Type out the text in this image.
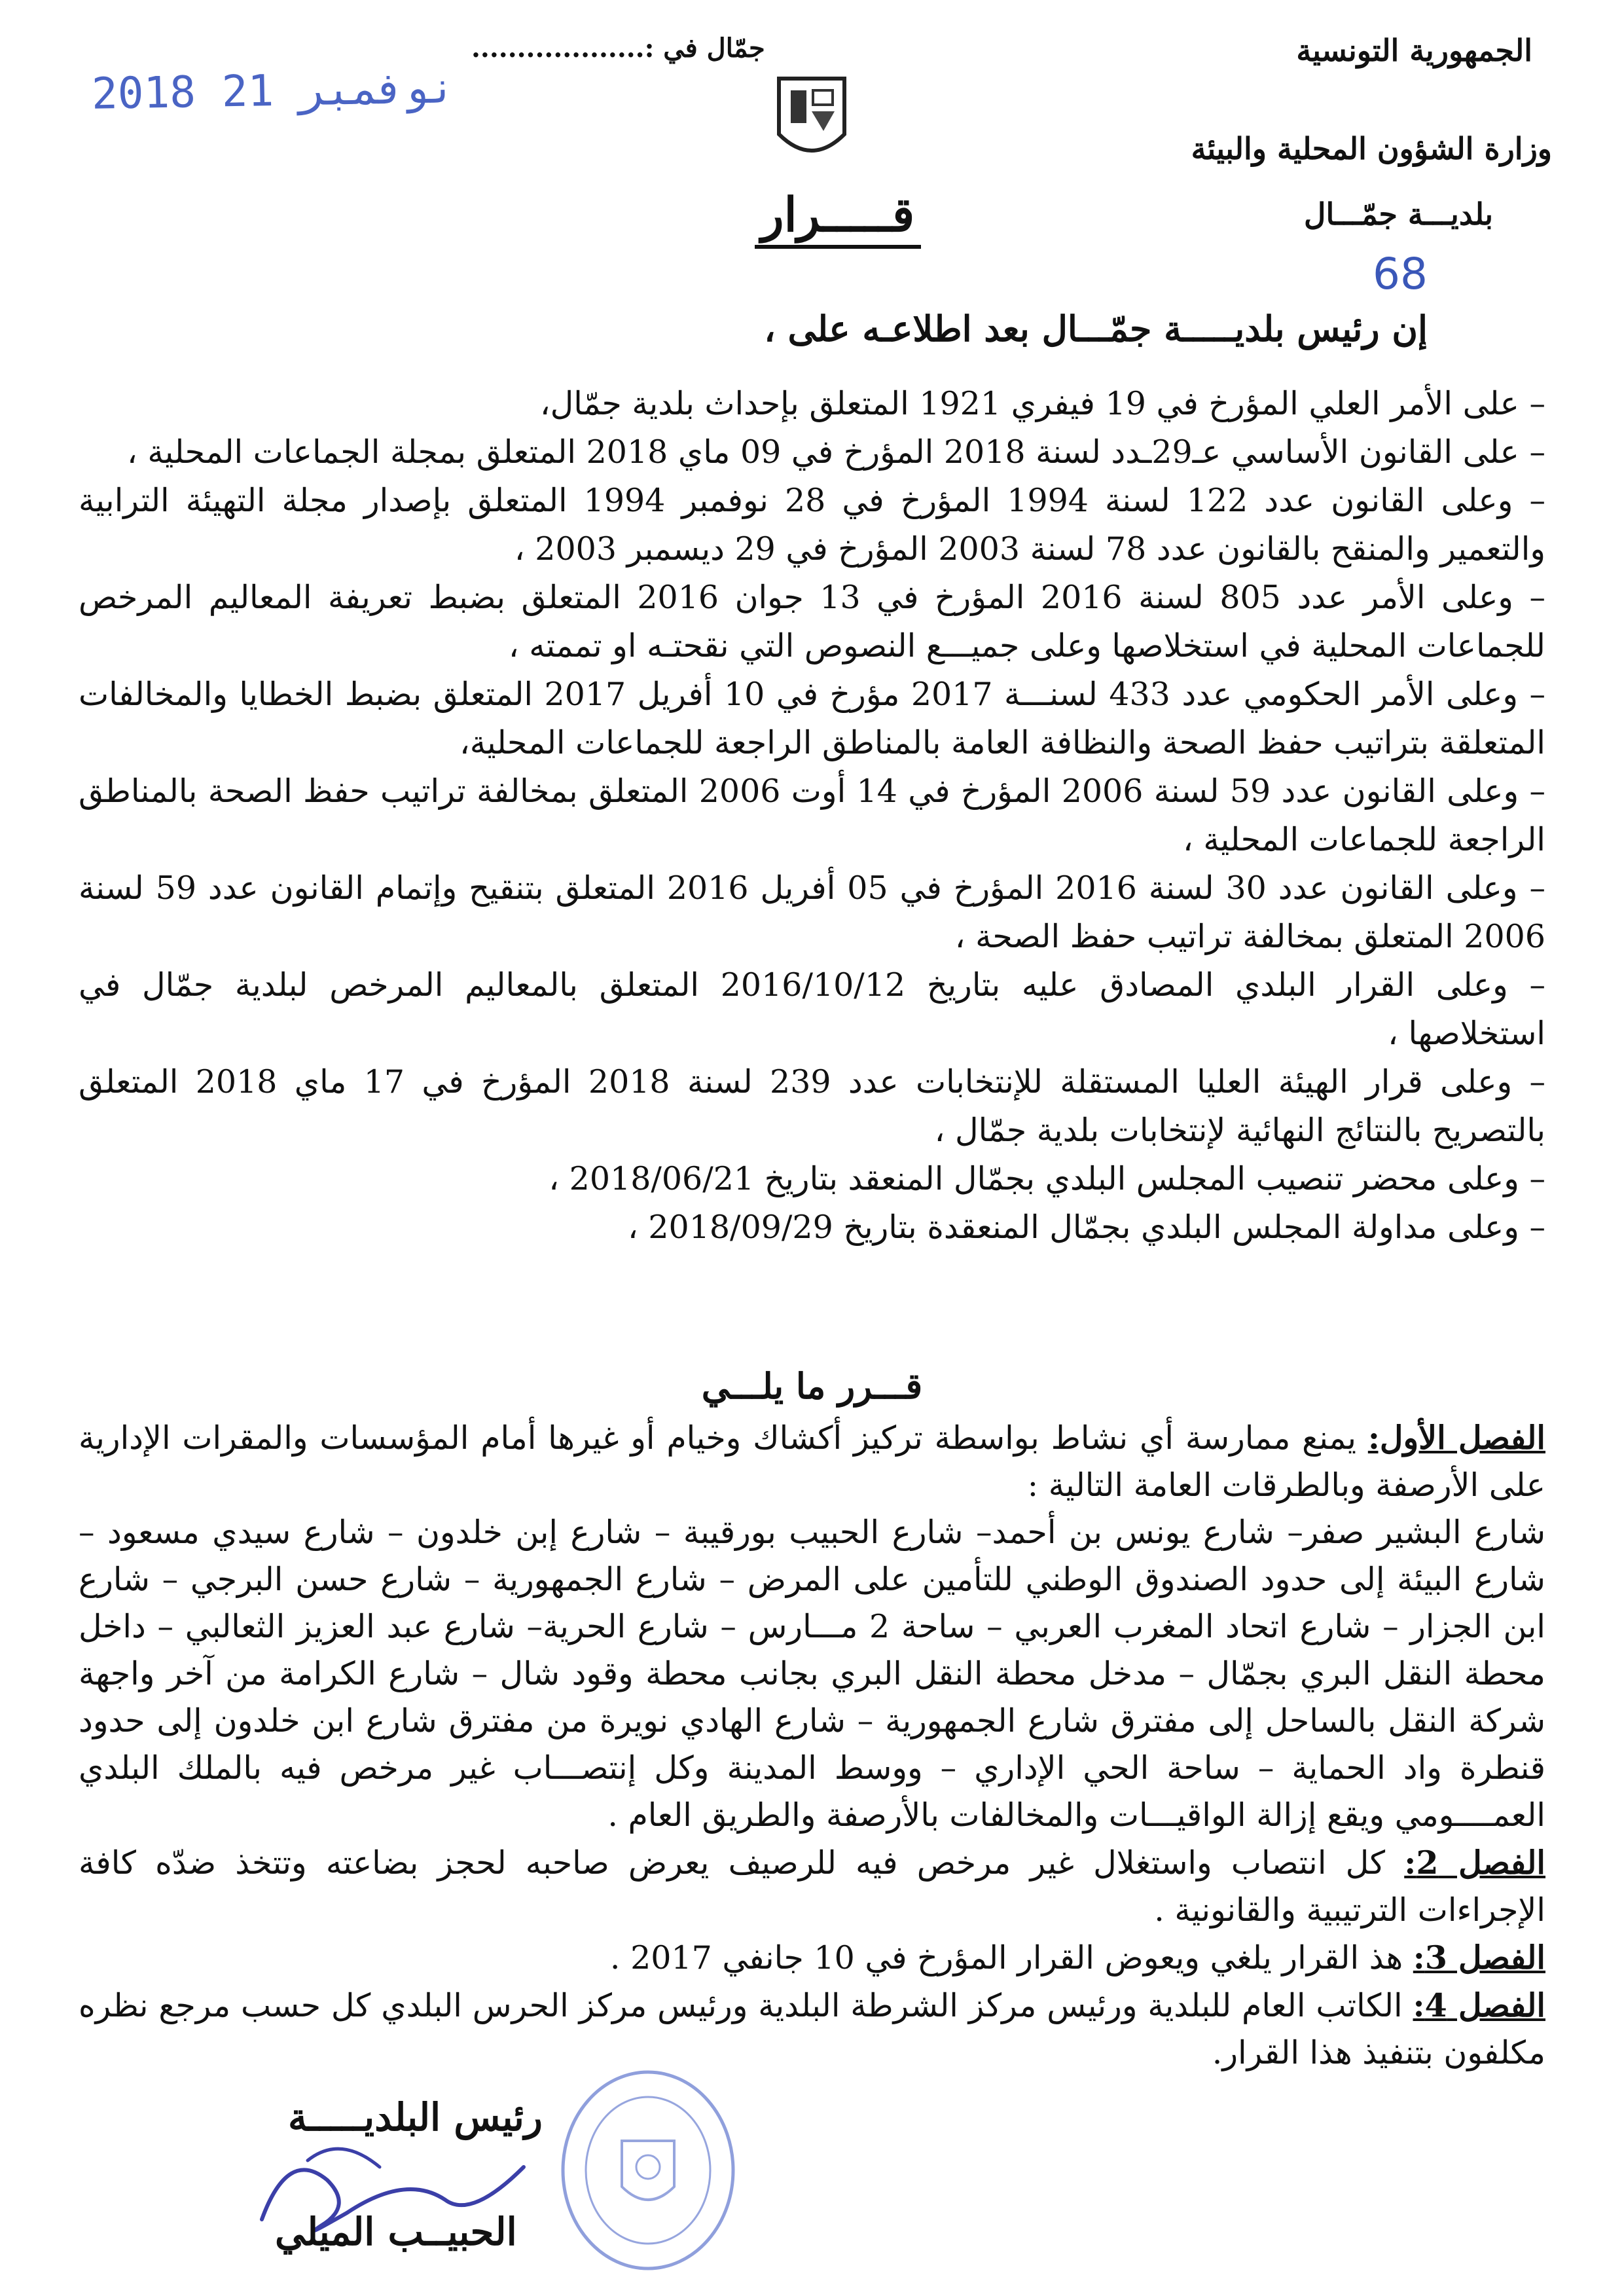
الجمهورية التونسية
وزارة الشؤون المحلية والبيئة
بلديـــة جمّـــال
68
جمّال في :...................
2018 نوفمبر 21
قـــــرار
إن رئيس بلديـــــة جمّـــال بعد اطلاعـه على ،
– على الأمر العلي المؤرخ في 19 فيفري 1921 المتعلق بإحداث بلدية جمّال،
– على القانون الأساسي عـ29ـدد لسنة 2018 المؤرخ في 09 ماي 2018 المتعلق بمجلة الجماعات المحلية ،
– وعلى القانون عدد 122 لسنة 1994 المؤرخ في 28 نوفمبر 1994 المتعلق بإصدار مجلة التهيئة الترابية والتعمير والمنقح بالقانون عدد 78 لسنة 2003 المؤرخ في 29 ديسمبر 2003 ،
– وعلى الأمر عدد 805 لسنة 2016 المؤرخ في 13 جوان 2016 المتعلق بضبط تعريفة المعاليم المرخص للجماعات المحلية في استخلاصها وعلى جميـــع النصوص التي نقحتـه او تممته ،
– وعلى الأمر الحكومي عدد 433 لسنـــة 2017 مؤرخ في 10 أفريل 2017 المتعلق بضبط الخطايا والمخالفات المتعلقة بتراتيب حفظ الصحة والنظافة العامة بالمناطق الراجعة للجماعات المحلية،
– وعلى القانون عدد 59 لسنة 2006 المؤرخ في 14 أوت 2006 المتعلق بمخالفة تراتيب حفظ الصحة بالمناطق الراجعة للجماعات المحلية ،
– وعلى القانون عدد 30 لسنة 2016 المؤرخ في 05 أفريل 2016 المتعلق بتنقيح وإتمام القانون عدد 59 لسنة 2006 المتعلق بمخالفة تراتيب حفظ الصحة ،
– وعلى القرار البلدي المصادق عليه بتاريخ 2016/10/12 المتعلق بالمعاليم المرخص لبلدية جمّال في استخلاصها ،
– وعلى قرار الهيئة العليا المستقلة للإنتخابات عدد 239 لسنة 2018 المؤرخ في 17 ماي 2018 المتعلق بالتصريح بالنتائج النهائية لإنتخابات بلدية جمّال ،
– وعلى محضر تنصيب المجلس البلدي بجمّال المنعقد بتاريخ 2018/06/21 ،
– وعلى مداولة المجلس البلدي بجمّال المنعقدة بتاريخ 2018/09/29 ،
قـــرر ما يلـــي
الفصل الأول: يمنع ممارسة أي نشاط بواسطة تركيز أكشاك وخيام أو غيرها أمام المؤسسات والمقرات الإدارية على الأرصفة وبالطرقات العامة التالية :
شارع البشير صفر– شارع يونس بن أحمد– شارع الحبيب بورقيبة – شارع إبن خلدون – شارع سيدي مسعود – شارع البيئة إلى حدود الصندوق الوطني للتأمين على المرض – شارع الجمهورية – شارع حسن البرجي – شارع ابن الجزار – شارع اتحاد المغرب العربي – ساحة 2 مـــارس – شارع الحرية– شارع عبد العزيز الثعالبي – داخل محطة النقل البري بجمّال – مدخل محطة النقل البري بجانب محطة وقود شال – شارع الكرامة من آخر واجهة شركة النقل بالساحل إلى مفترق شارع الجمهورية – شارع الهادي نويرة من مفترق شارع ابن خلدون إلى حدود قنطرة واد الحماية – ساحة الحي الإداري – ووسط المدينة وكل إنتصـــاب غير مرخص فيه بالملك البلدي العمــــومي ويقع إزالة الواقيـــات والمخالفات بالأرصفة والطريق العام .
الفصل 2: كل انتصاب واستغلال غير مرخص فيه للرصيف يعرض صاحبه لحجز بضاعته وتتخذ ضدّه كافة الإجراءات الترتيبية والقانونية .
الفصل 3: هذ القرار يلغي ويعوض القرار المؤرخ في 10 جانفي 2017 .
الفصل 4: الكاتب العام للبلدية ورئيس مركز الشرطة البلدية ورئيس مركز الحرس البلدي كل حسب مرجع نظره مكلفون بتنفيذ هذا القرار.
رئيس البلديـــــة
الحبيــب الميلي
